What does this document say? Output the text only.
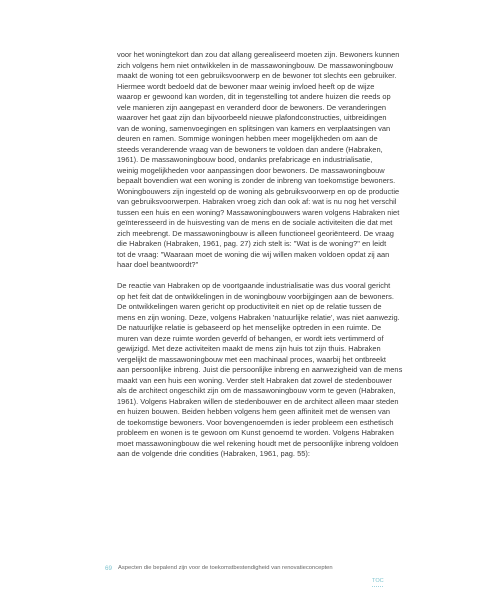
voor het woningtekort dan zou dat allang gerealiseerd moeten zijn. Bewoners kunnen
zich volgens hem niet ontwikkelen in de massawoningbouw. De massawoningbouw
maakt de woning tot een gebruiksvoorwerp en de bewoner tot slechts een gebruiker.
Hiermee wordt bedoeld dat de bewoner maar weinig invloed heeft op de wijze
waarop er gewoond kan worden, dit in tegenstelling tot andere huizen die reeds op
vele manieren zijn aangepast en veranderd door de bewoners. De veranderingen
waarover het gaat zijn dan bijvoorbeeld nieuwe plafondconstructies, uitbreidingen
van de woning, samenvoegingen en splitsingen van kamers en verplaatsingen van
deuren en ramen. Sommige woningen hebben meer mogelijkheden om aan de
steeds veranderende vraag van de bewoners te voldoen dan andere (Habraken,
1961). De massawoningbouw bood, ondanks prefabricage en industrialisatie,
weinig mogelijkheden voor aanpassingen door bewoners. De massawoningbouw
bepaalt bovendien wat een woning is zonder de inbreng van toekomstige bewoners.
Woningbouwers zijn ingesteld op de woning als gebruiksvoorwerp en op de productie
van gebruiksvoorwerpen. Habraken vroeg zich dan ook af: wat is nu nog het verschil
tussen een huis en een woning? Massawoningbouwers waren volgens Habraken niet
geïnteresseerd in de huisvesting van de mens en de sociale activiteiten die dat met
zich meebrengt. De massawoningbouw is alleen functioneel georiënteerd. De vraag
die Habraken (Habraken, 1961, pag. 27) zich stelt is: "Wat is de woning?" en leidt
tot de vraag: "Waaraan moet de woning die wij willen maken voldoen opdat zij aan
haar doel beantwoordt?"

De reactie van Habraken op de voortgaande industrialisatie was dus vooral gericht
op het feit dat de ontwikkelingen in de woningbouw voorbijgingen aan de bewoners.
De ontwikkelingen waren gericht op productiviteit en niet op de relatie tussen de
mens en zijn woning. Deze, volgens Habraken 'natuurlijke relatie', was niet aanwezig.
De natuurlijke relatie is gebaseerd op het menselijke optreden in een ruimte. De
muren van deze ruimte worden geverfd of behangen, er wordt iets vertimmerd of
gewijzigd. Met deze activiteiten maakt de mens zijn huis tot zijn thuis. Habraken
vergelijkt de massawoningbouw met een machinaal proces, waarbij het ontbreekt
aan persoonlijke inbreng. Juist die persoonlijke inbreng en aanwezigheid van de mens
maakt van een huis een woning. Verder stelt Habraken dat zowel de stedenbouwer
als de architect ongeschikt zijn om de massawoningbouw vorm te geven (Habraken,
1961). Volgens Habraken willen de stedenbouwer en de architect alleen maar steden
en huizen bouwen. Beiden hebben volgens hem geen affiniteit met de wensen van
de toekomstige bewoners. Voor bovengenoemden is ieder probleem een esthetisch
probleem en wonen is te gewoon om Kunst genoemd te worden. Volgens Habraken
moet massawoningbouw die wel rekening houdt met de persoonlijke inbreng voldoen
aan de volgende drie condities (Habraken, 1961, pag. 55):

69 Aspecten die bepalend zijn voor de toekomstbestendigheid van renovatieconcepten
TOC
